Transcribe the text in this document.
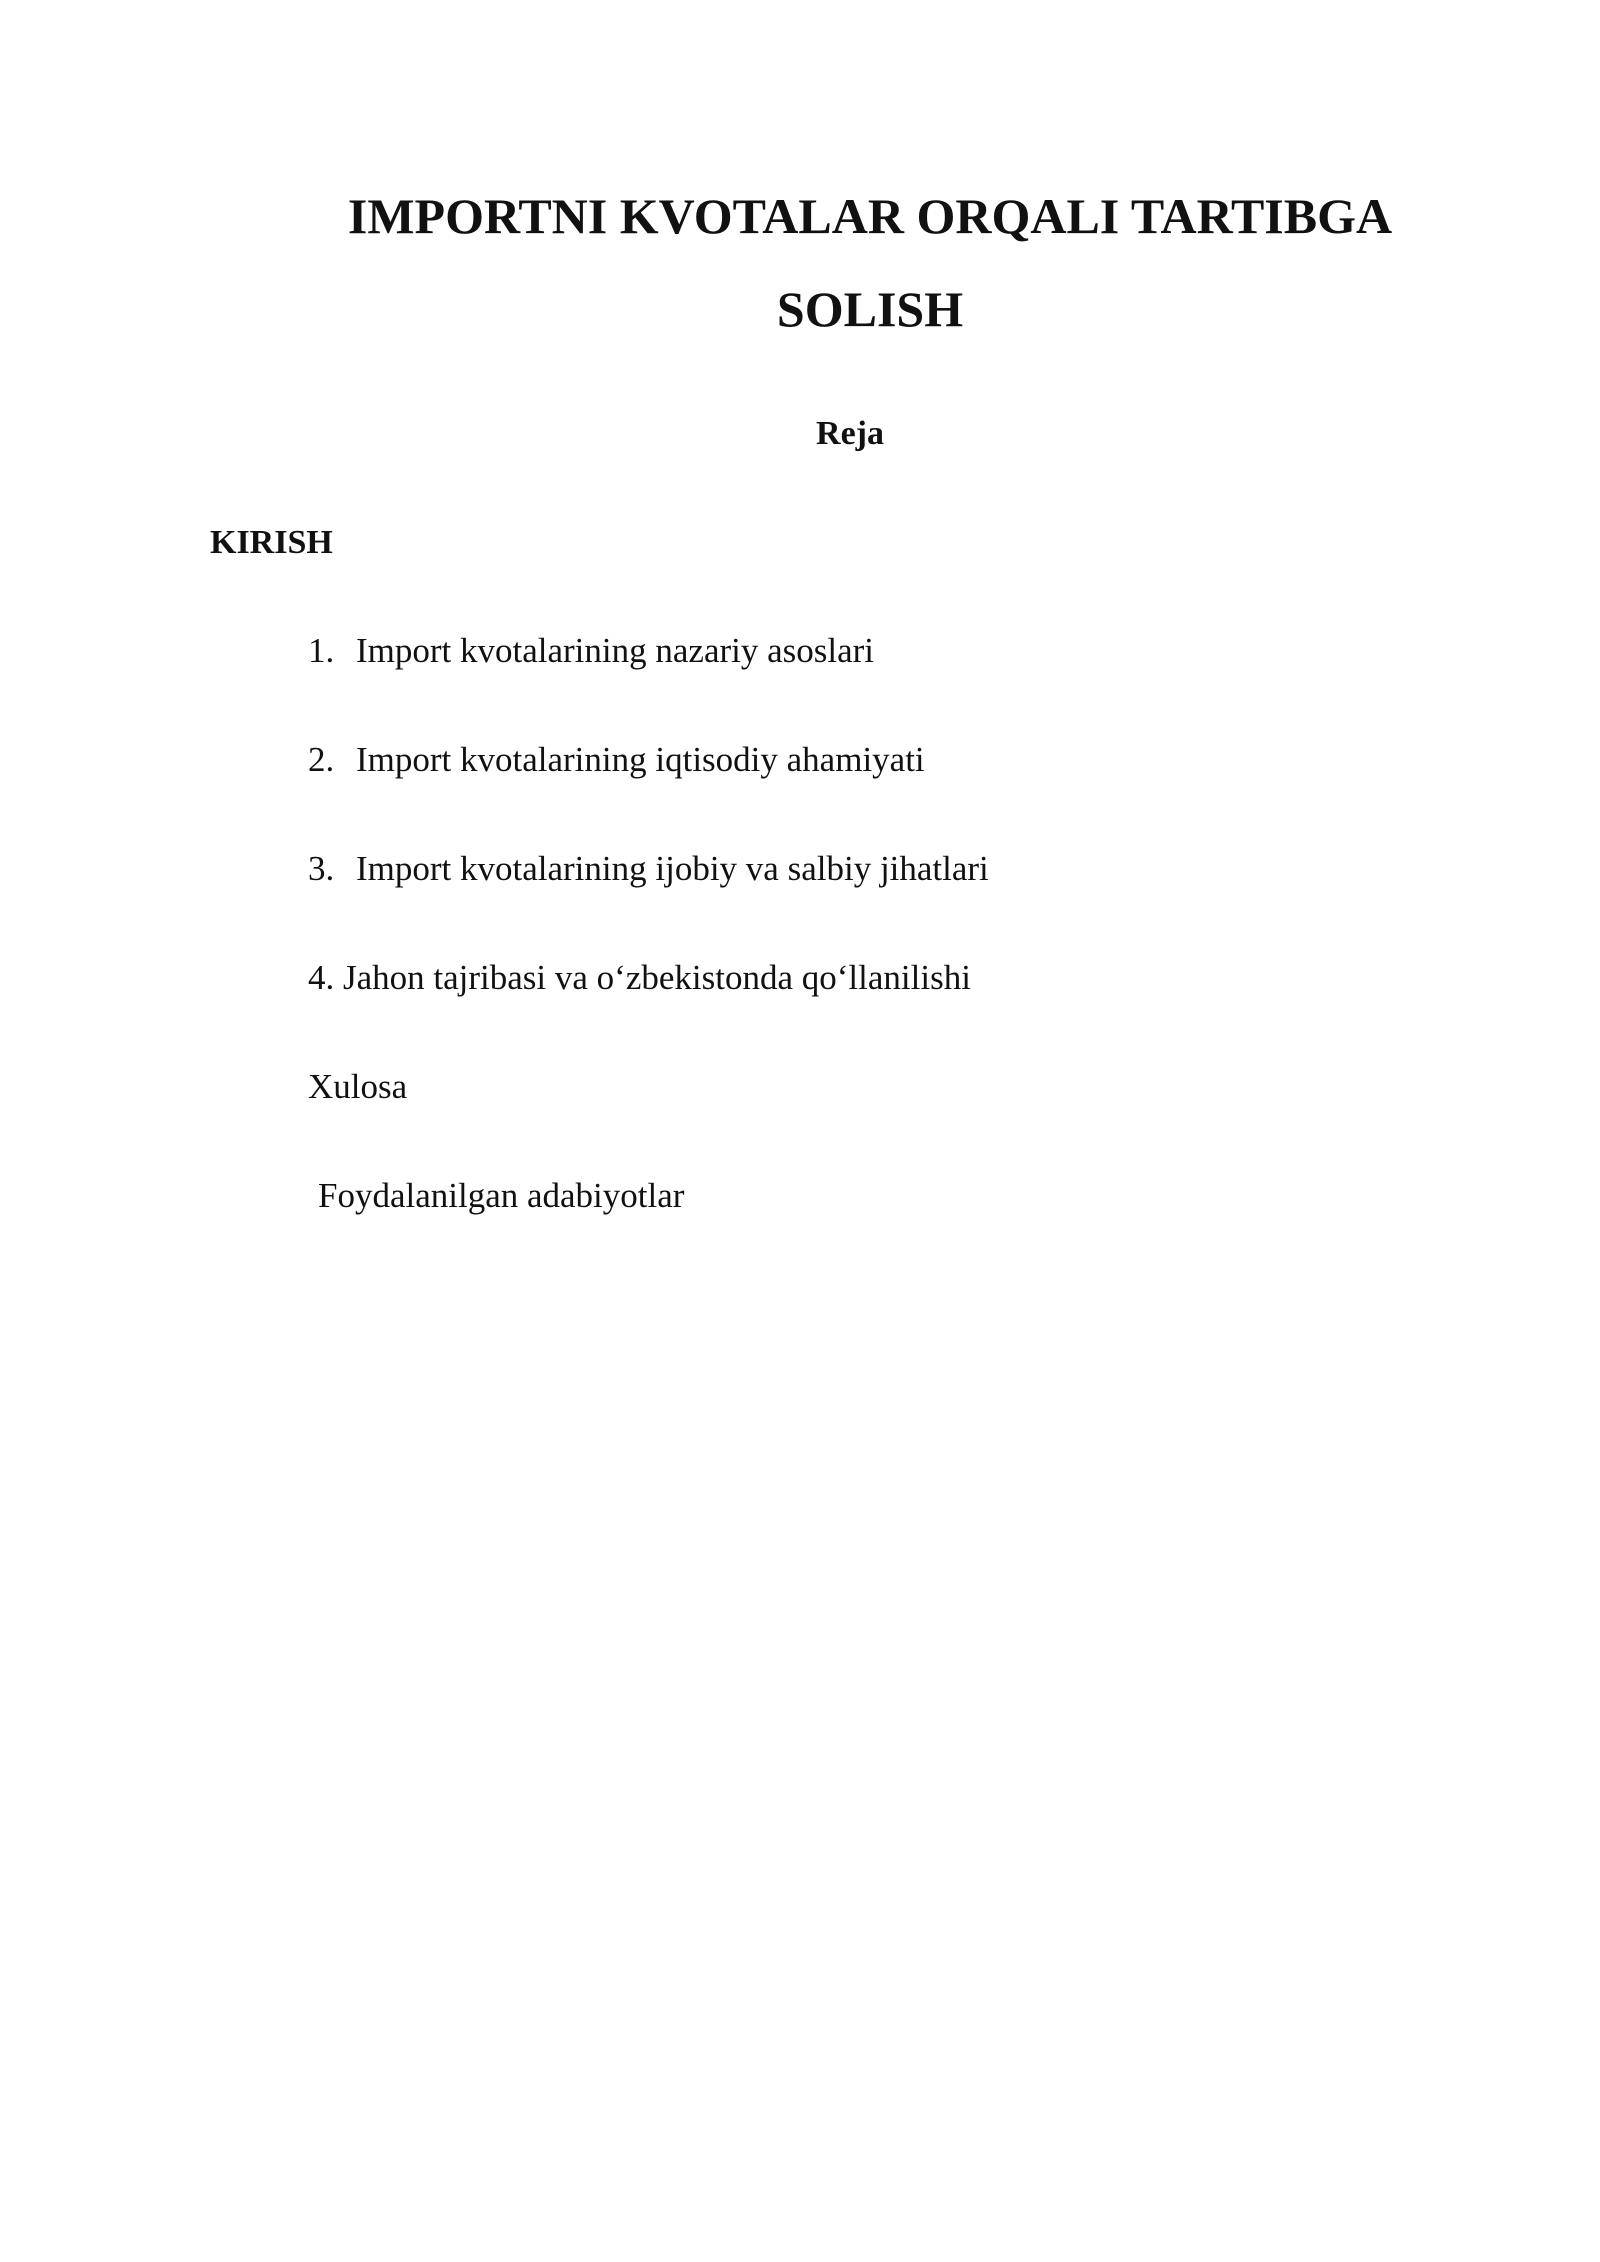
IMPORTNI KVOTALAR ORQALI TARTIBGA
SOLISH

Reja

KIRISH

1. Import kvotalarining nazariy asoslari

2. Import kvotalarining iqtisodiy ahamiyati

3. Import kvotalarining ijobiy va salbiy jihatlari

4. Jahon tajribasi va o‘zbekistonda qo‘llanilishi

Xulosa

Foydalanilgan adabiyotlar
